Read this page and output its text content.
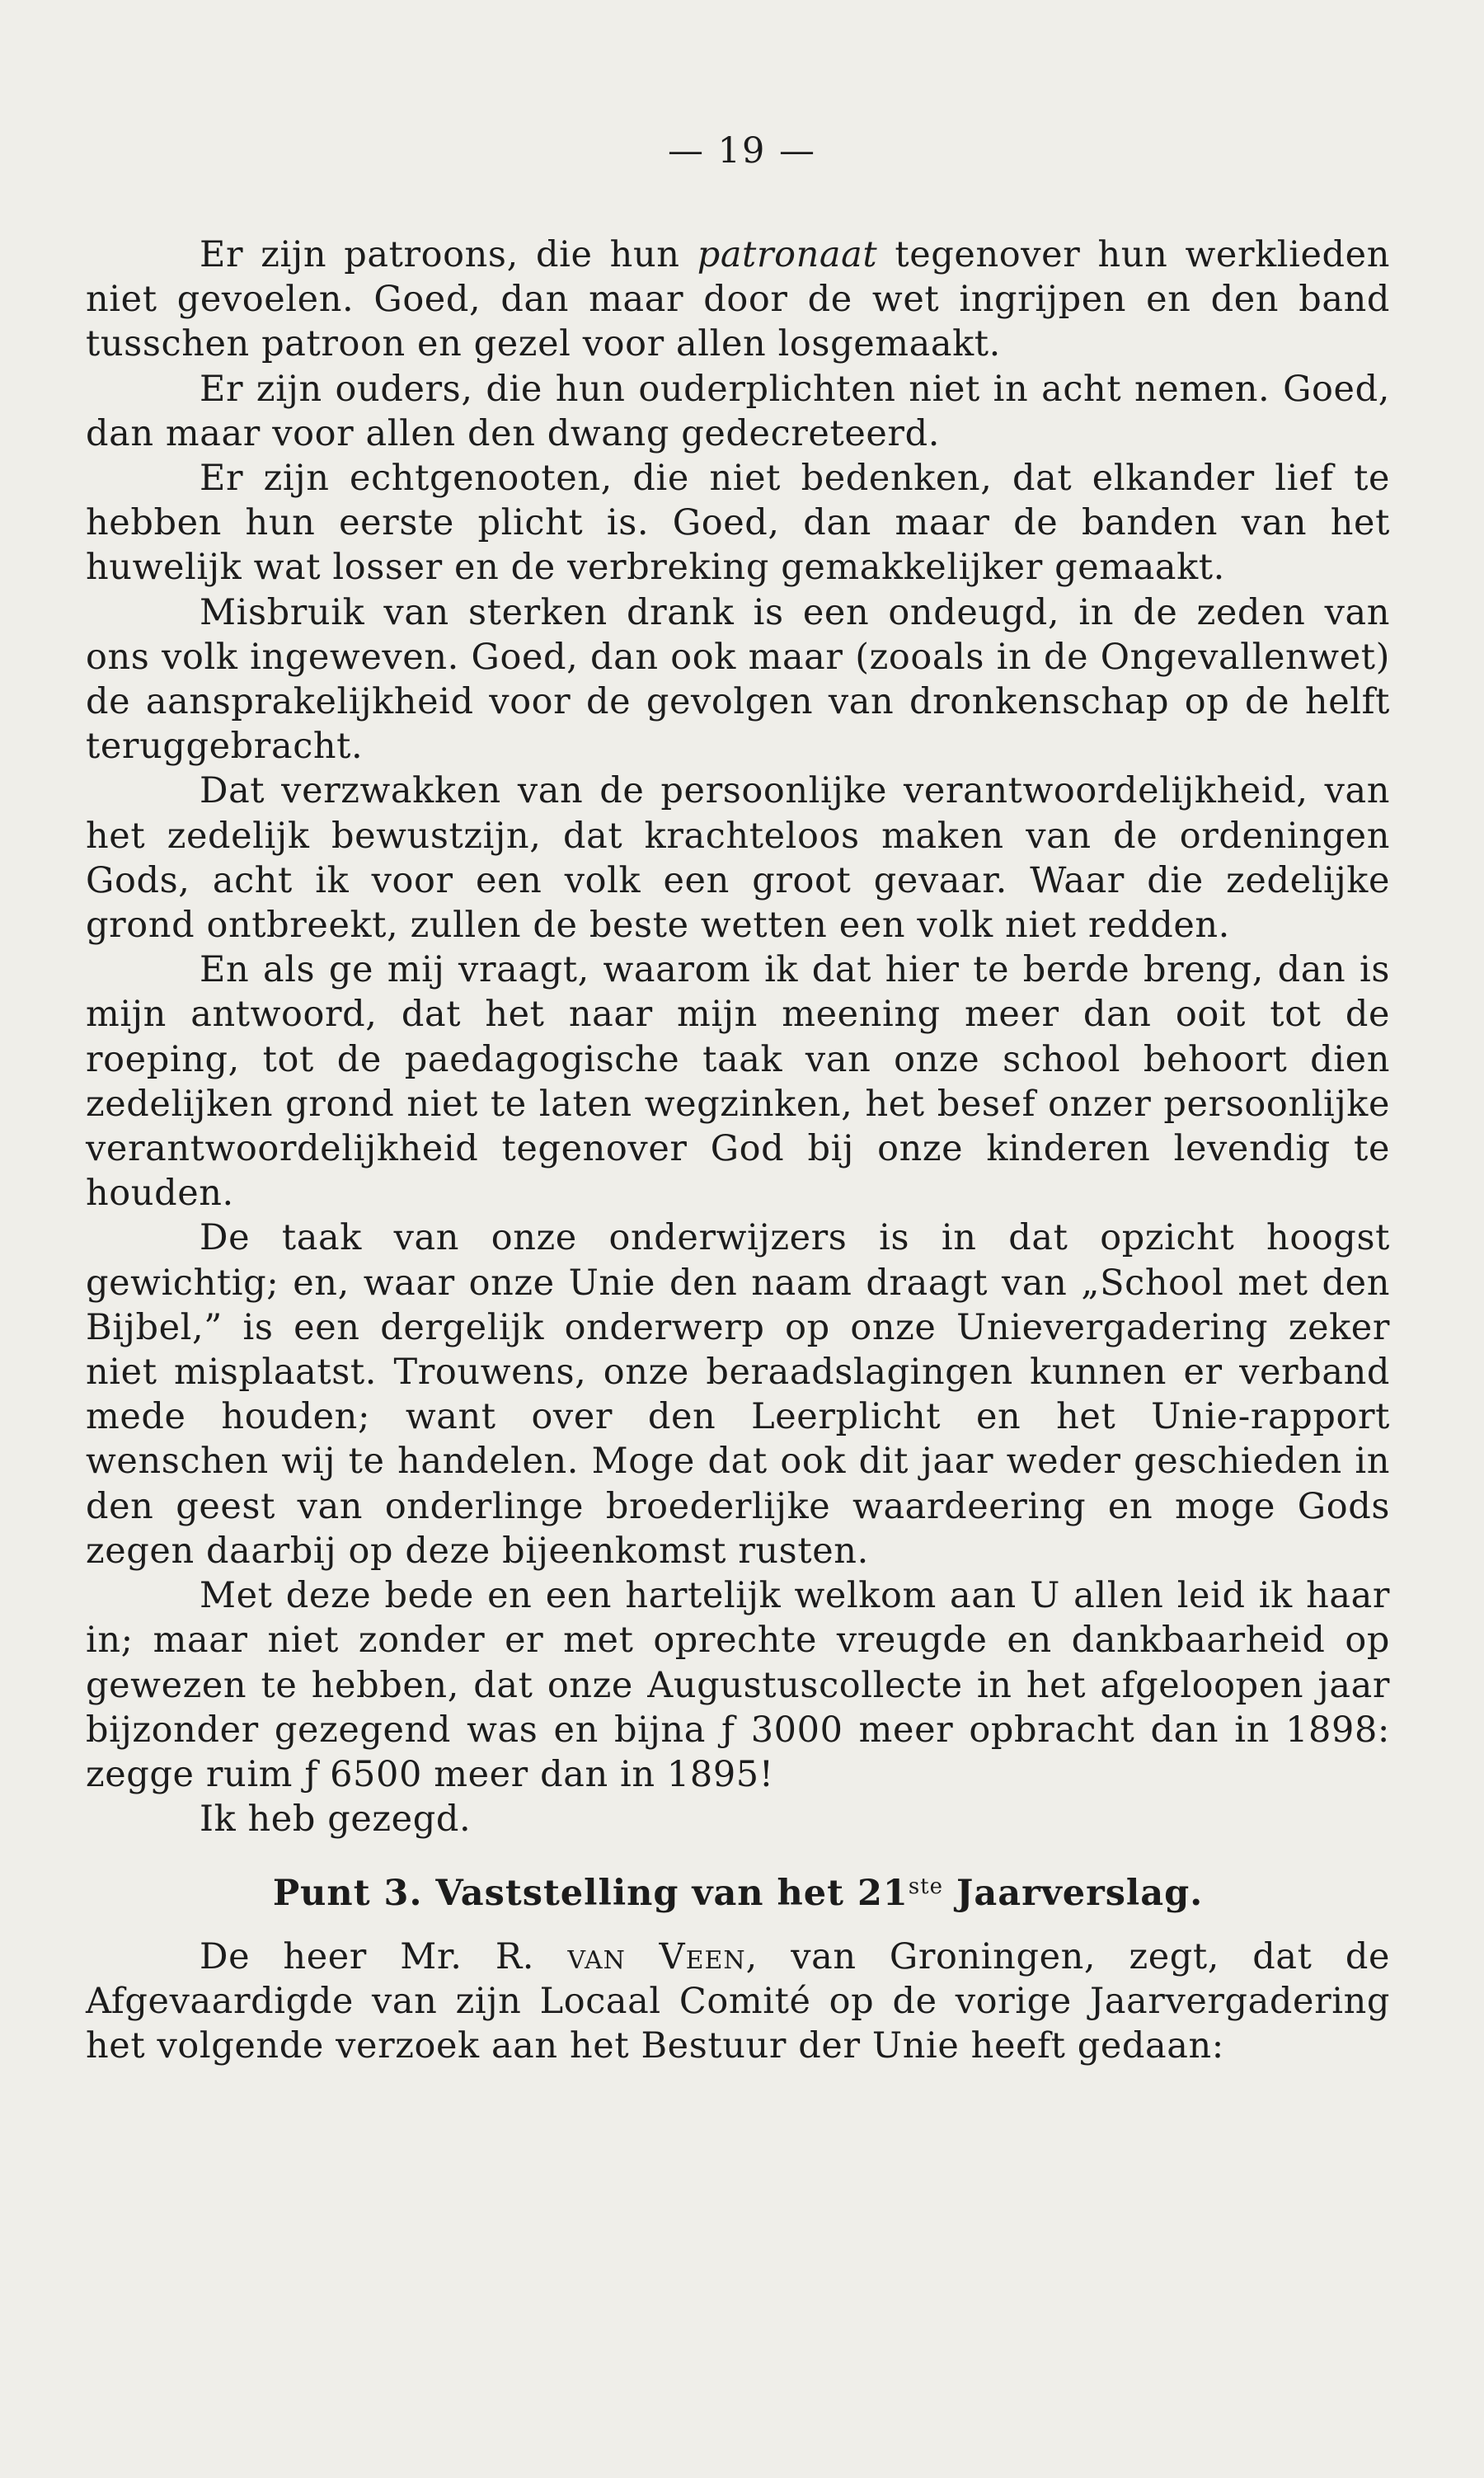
— 19 —

Er zijn patroons, die hun patronaat tegenover hun werklieden niet gevoelen. Goed, dan maar door de wet ingrijpen en den band tusschen patroon en gezel voor allen losgemaakt.

Er zijn ouders, die hun ouderplichten niet in acht nemen. Goed, dan maar voor allen den dwang gedecreteerd.

Er zijn echtgenooten, die niet bedenken, dat elkander lief te hebben hun eerste plicht is. Goed, dan maar de banden van het huwelijk wat losser en de verbreking gemakkelijker gemaakt.

Misbruik van sterken drank is een ondeugd, in de zeden van ons volk ingeweven. Goed, dan ook maar (zooals in de Ongevallenwet) de aansprakelijkheid voor de gevolgen van dronkenschap op de helft teruggebracht.

Dat verzwakken van de persoonlijke verantwoordelijkheid, van het zedelijk bewustzijn, dat krachteloos maken van de ordeningen Gods, acht ik voor een volk een groot gevaar. Waar die zedelijke grond ontbreekt, zullen de beste wetten een volk niet redden.

En als ge mij vraagt, waarom ik dat hier te berde breng, dan is mijn antwoord, dat het naar mijn meening meer dan ooit tot de roeping, tot de paedagogische taak van onze school behoort dien zedelijken grond niet te laten wegzinken, het besef onzer persoonlijke verantwoordelijkheid tegenover God bij onze kinderen levendig te houden.

De taak van onze onderwijzers is in dat opzicht hoogst gewichtig; en, waar onze Unie den naam draagt van „School met den Bijbel,” is een dergelijk onderwerp op onze Unievergadering zeker niet misplaatst. Trouwens, onze beraadslagingen kunnen er verband mede houden; want over den Leerplicht en het Unie-rapport wenschen wij te handelen. Moge dat ook dit jaar weder geschieden in den geest van onderlinge broederlijke waardeering en moge Gods zegen daarbij op deze bijeenkomst rusten.

Met deze bede en een hartelijk welkom aan U allen leid ik haar in; maar niet zonder er met oprechte vreugde en dankbaarheid op gewezen te hebben, dat onze Augustuscollecte in het afgeloopen jaar bijzonder gezegend was en bijna ƒ 3000 meer opbracht dan in 1898: zegge ruim ƒ 6500 meer dan in 1895!

Ik heb gezegd.

Punt 3. Vaststelling van het 21ste Jaarverslag.

De heer Mr. R. van Veen, van Groningen, zegt, dat de Afgevaardigde van zijn Locaal Comité op de vorige Jaarvergadering het volgende verzoek aan het Bestuur der Unie heeft gedaan:
